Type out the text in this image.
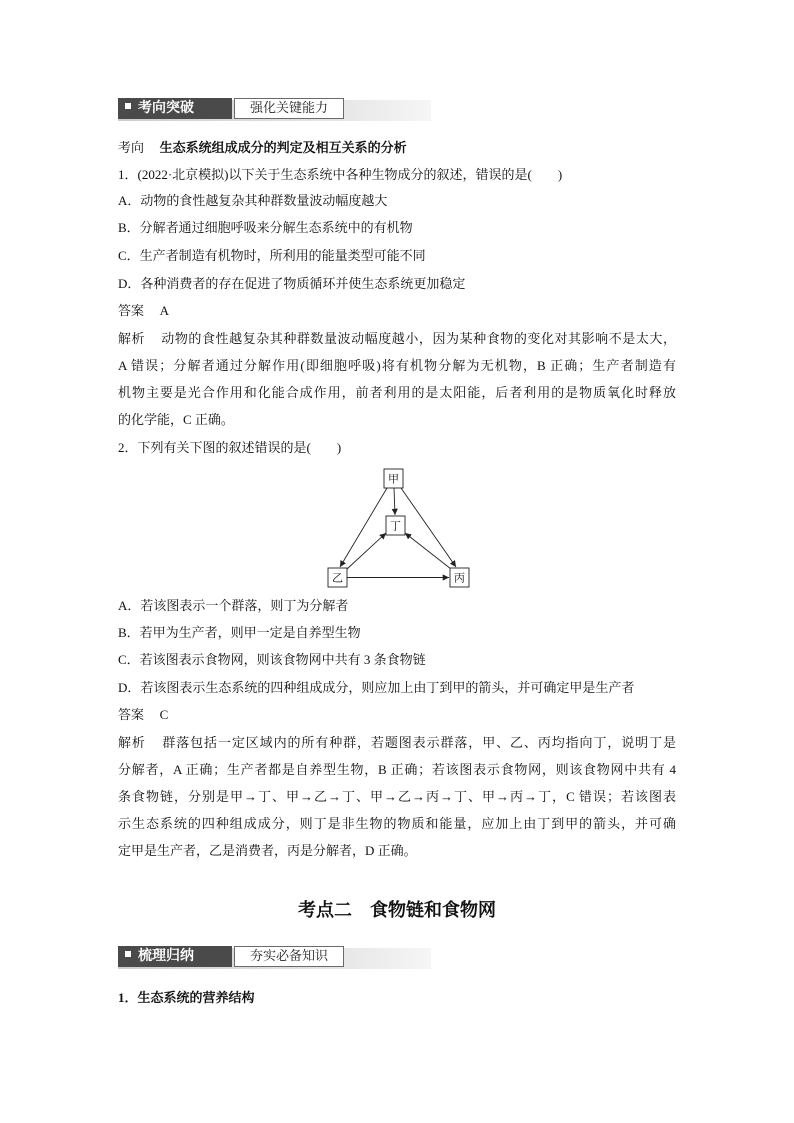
考向突破	强化关键能力
考向 生态系统组成成分的判定及相互关系的分析
1．(2022·北京模拟)以下关于生态系统中各种生物成分的叙述，错误的是(　　)
A．动物的食性越复杂其种群数量波动幅度越大
B．分解者通过细胞呼吸来分解生态系统中的有机物
C．生产者制造有机物时，所利用的能量类型可能不同
D．各种消费者的存在促进了物质循环并使生态系统更加稳定
答案 A
解析 动物的食性越复杂其种群数量波动幅度越小，因为某种食物的变化对其影响不是太大，
A 错误；分解者通过分解作用(即细胞呼吸)将有机物分解为无机物，B 正确；生产者制造有
机物主要是光合作用和化能合成作用，前者利用的是太阳能，后者利用的是物质氧化时释放
的化学能，C 正确。
2．下列有关下图的叙述错误的是(　　)
甲
丁
乙	丙
A．若该图表示一个群落，则丁为分解者
B．若甲为生产者，则甲一定是自养型生物
C．若该图表示食物网，则该食物网中共有 3 条食物链
D．若该图表示生态系统的四种组成成分，则应加上由丁到甲的箭头，并可确定甲是生产者
答案 C
解析 群落包括一定区域内的所有种群，若题图表示群落，甲、乙、丙均指向丁，说明丁是
分解者，A 正确；生产者都是自养型生物，B 正确；若该图表示食物网，则该食物网中共有 4
条食物链，分别是甲→丁、甲→乙→丁、甲→乙→丙→丁、甲→丙→丁，C 错误；若该图表
示生态系统的四种组成成分，则丁是非生物的物质和能量，应加上由丁到甲的箭头，并可确
定甲是生产者，乙是消费者，丙是分解者，D 正确。
考点二　食物链和食物网
梳理归纳	夯实必备知识
1．生态系统的营养结构
